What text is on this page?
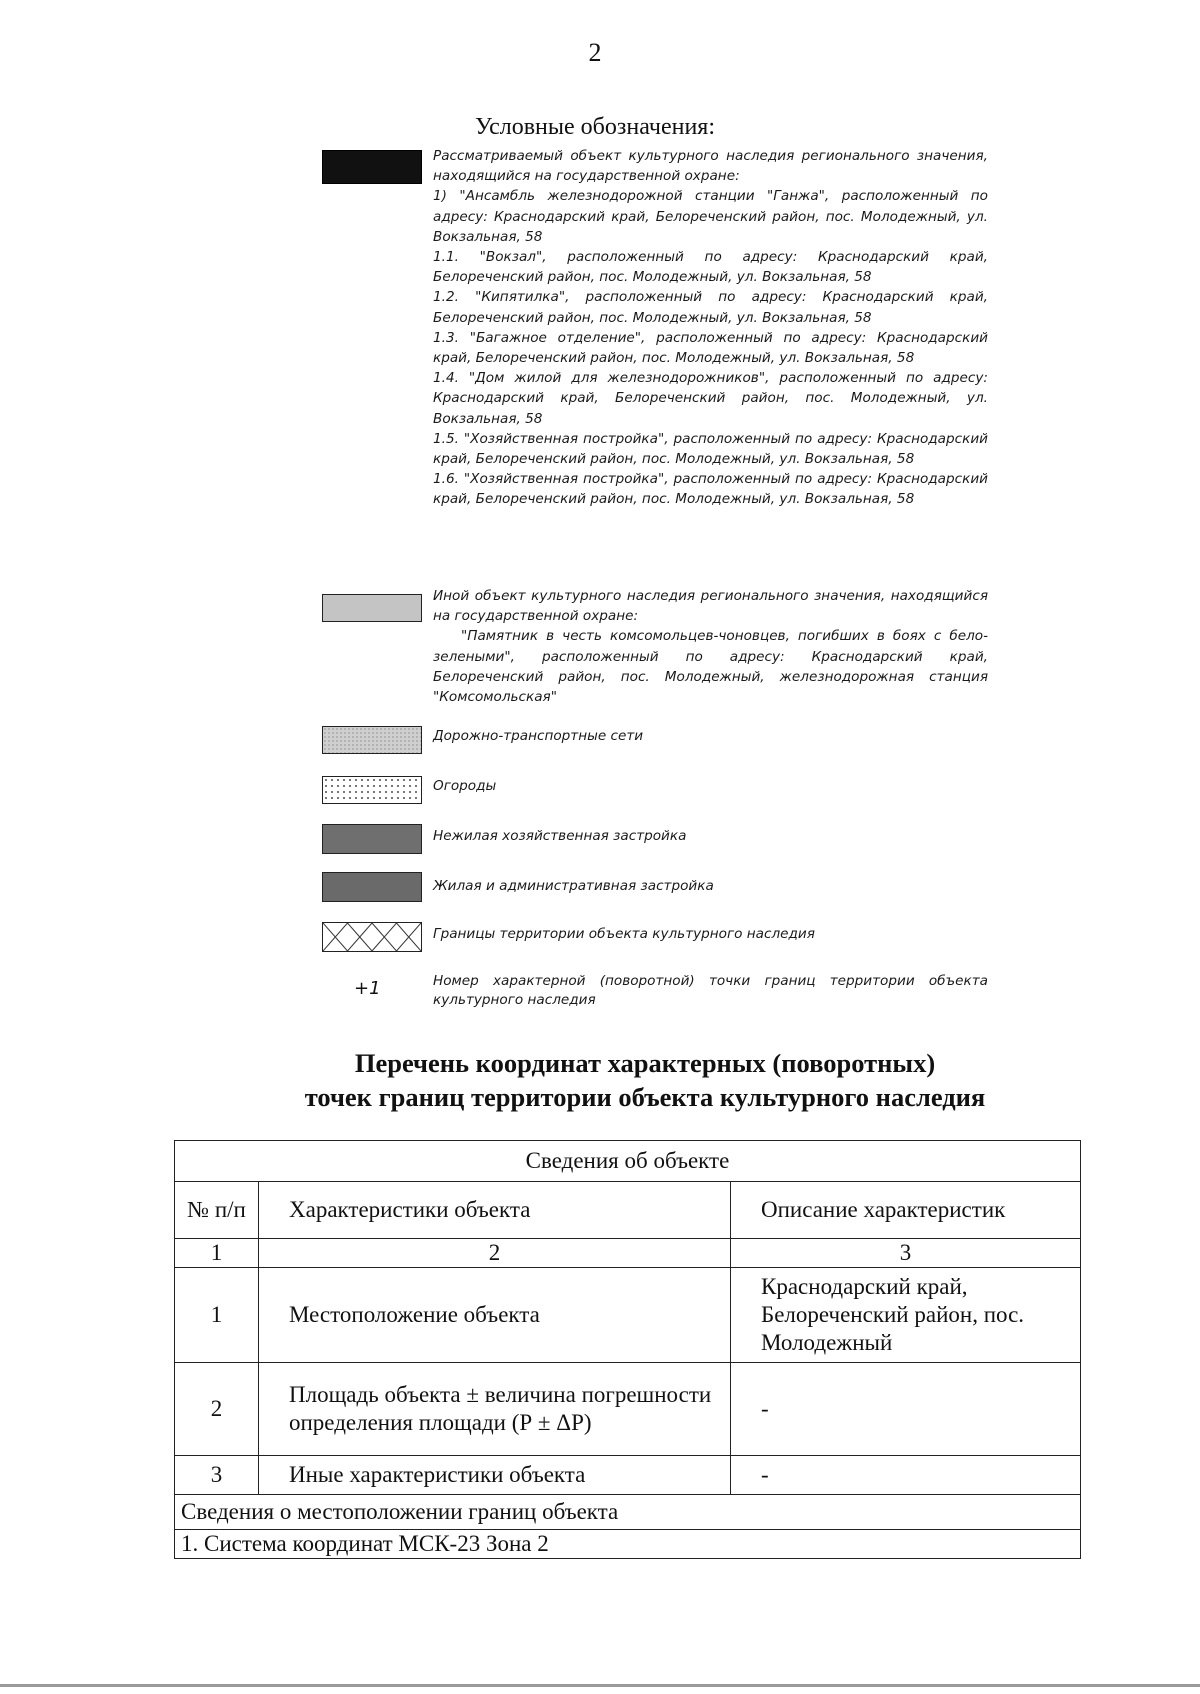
2
Условные обозначения:

Рассматриваемый объект культурного наследия регионального значения, находящийся на государственной охране:

1) "Ансамбль железнодорожной станции "Ганжа", расположенный по адресу: Краснодарский край, Белореченский район, пос. Молодежный, ул. Вокзальная, 58

1.1. "Вокзал", расположенный по адресу: Краснодарский край, Белореченский район, пос. Молодежный, ул. Вокзальная, 58

1.2. "Кипятилка", расположенный по адресу: Краснодарский край, Белореченский район, пос. Молодежный, ул. Вокзальная, 58

1.3. "Багажное отделение", расположенный по адресу: Краснодарский край, Белореченский район, пос. Молодежный, ул. Вокзальная, 58

1.4. "Дом жилой для железнодорожников", расположенный по адресу: Краснодарский край, Белореченский район, пос. Молодежный, ул. Вокзальная, 58

1.5. "Хозяйственная постройка", расположенный по адресу: Краснодарский край, Белореченский район, пос. Молодежный, ул. Вокзальная, 58

1.6. "Хозяйственная постройка", расположенный по адресу: Краснодарский край, Белореченский район, пос. Молодежный, ул. Вокзальная, 58

Иной объект культурного наследия регионального значения, находящийся на государственной охране:

"Памятник в честь комсомольцев-чоновцев, погибших в боях с бело-зелеными", расположенный по адресу: Краснодарский край, Белореченский район, пос. Молодежный, железнодорожная станция "Комсомольская"

Дорожно-транспортные сети
Огороды
Нежилая хозяйственная застройка
Жилая и административная застройка
Границы территории объекта культурного наследия
+1	Номер характерной (поворотной) точки границ территории объекта культурного наследия
Перечень координат характерных (поворотных)
точек границ территории объекта культурного наследия
Сведения об объекте		
№ п/п	Характеристики объекта	Описание характеристик
1	2	3
1	Местоположение объекта	Краснодарский край, Белореченский район, пос. Молодежный
2	Площадь объекта ± величина погрешности определения площади (Р ± ΔР)	-
3	Иные характеристики объекта	-
Сведения о местоположении границ объекта		
1. Система координат МСК-23 Зона 2		
